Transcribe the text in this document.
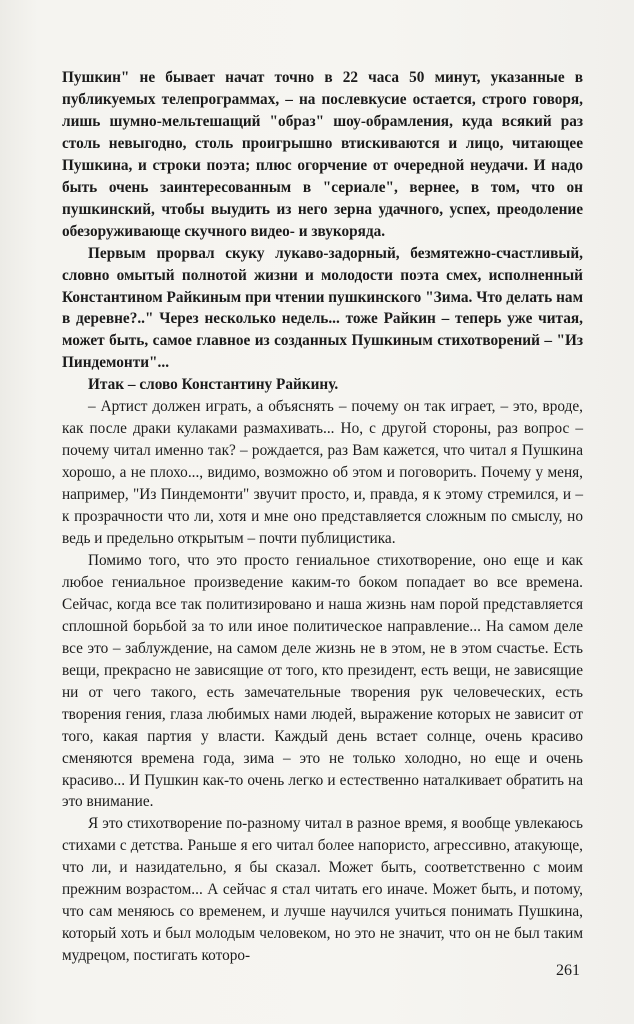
Пушкин" не бывает начат точно в 22 часа 50 минут, указанные в публикуемых телепрограммах, – на послевкусие остается, строго говоря, лишь шумно-мельтешащий "образ" шоу-обрамления, куда всякий раз столь невыгодно, столь проигрышно втискиваются и лицо, читающее Пушкина, и строки поэта; плюс огорчение от очередной неудачи. И надо быть очень заинтересованным в "сериале", вернее, в том, что он пушкинский, чтобы выудить из него зерна удачного, успех, преодоление обезоруживающе скучного видео- и звукоряда.

Первым прорвал скуку лукаво-задорный, безмятежно-счастливый, словно омытый полнотой жизни и молодости поэта смех, исполненный Константином Райкиным при чтении пушкинского "Зима. Что делать нам в деревне?.." Через несколько недель... тоже Райкин – теперь уже читая, может быть, самое главное из созданных Пушкиным стихотворений – "Из Пиндемонти"...

Итак – слово Константину Райкину.

– Артист должен играть, а объяснять – почему он так играет, – это, вроде, как после драки кулаками размахивать... Но, с другой стороны, раз вопрос – почему читал именно так? – рождается, раз Вам кажется, что читал я Пушкина хорошо, а не плохо..., видимо, возможно об этом и поговорить. Почему у меня, например, "Из Пиндемонти" звучит просто, и, правда, я к этому стремился, и – к прозрачности что ли, хотя и мне оно представляется сложным по смыслу, но ведь и предельно открытым – почти публицистика.

Помимо того, что это просто гениальное стихотворение, оно еще и как любое гениальное произведение каким-то боком попадает во все времена. Сейчас, когда все так политизировано и наша жизнь нам порой представляется сплошной борьбой за то или иное политическое направление... На самом деле все это – заблуждение, на самом деле жизнь не в этом, не в этом счастье. Есть вещи, прекрасно не зависящие от того, кто президент, есть вещи, не зависящие ни от чего такого, есть замечательные творения рук человеческих, есть творения гения, глаза любимых нами людей, выражение которых не зависит от того, какая партия у власти. Каждый день встает солнце, очень красиво сменяются времена года, зима – это не только холодно, но еще и очень красиво... И Пушкин как-то очень легко и естественно наталкивает обратить на это внимание.

Я это стихотворение по-разному читал в разное время, я вообще увлекаюсь стихами с детства. Раньше я его читал более напористо, агрессивно, атакующе, что ли, и назидательно, я бы сказал. Может быть, соответственно с моим прежним возрастом... А сейчас я стал читать его иначе. Может быть, и потому, что сам меняюсь со временем, и лучше научился учиться понимать Пушкина, который хоть и был молодым человеком, но это не значит, что он не был таким мудрецом, постигать которо-

261
